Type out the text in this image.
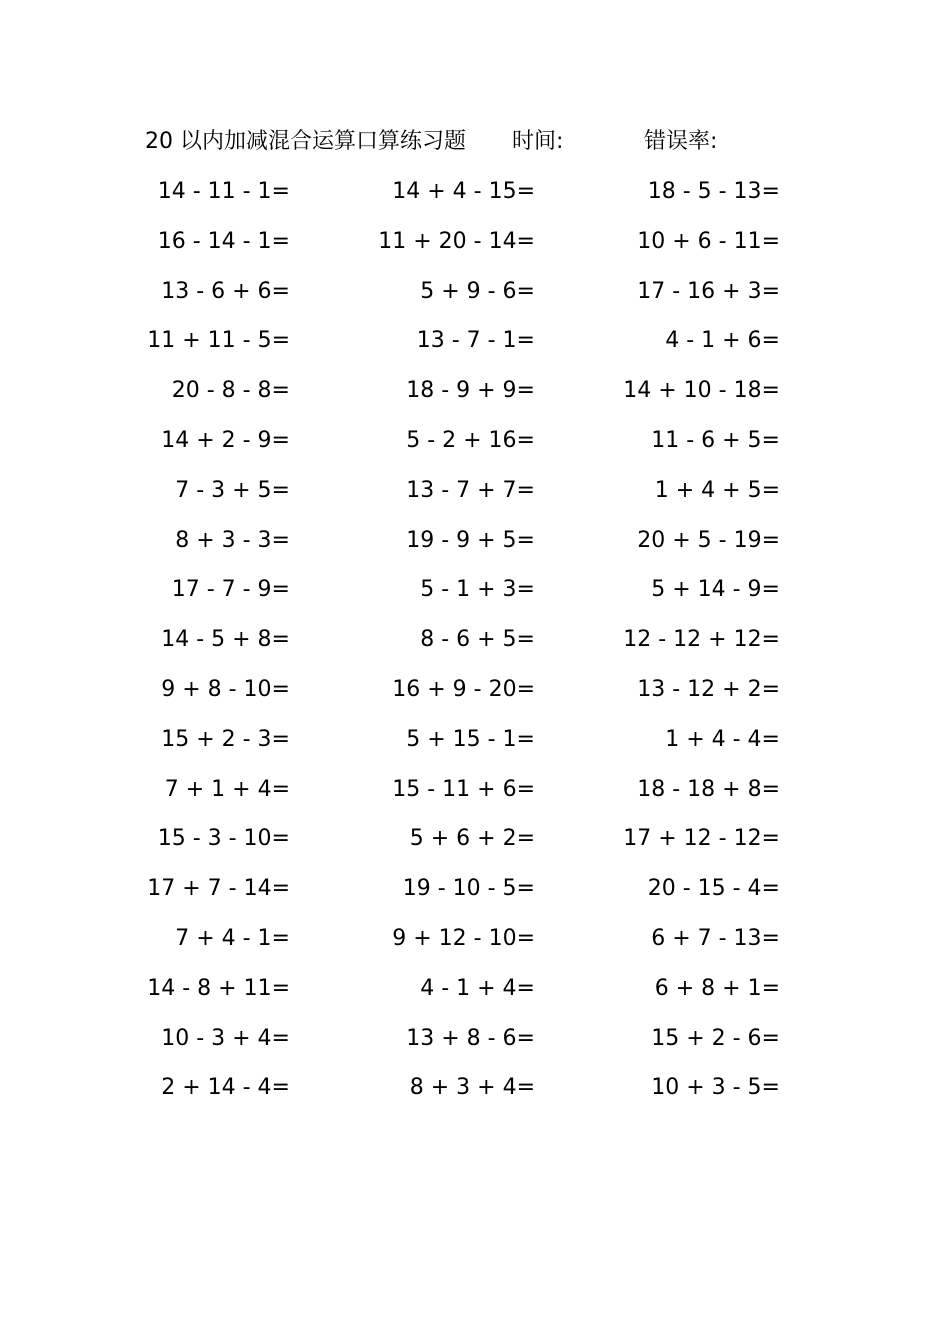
20 以内加减混合运算口算练习题 时间:	错误率:
14 - 11 - 1=	14 + 4 - 15=	18 - 5 - 13=
16 - 14 - 1=	11 + 20 - 14=	10 + 6 - 11=
13 - 6 + 6=	5 + 9 - 6=	17 - 16 + 3=
11 + 11 - 5=	13 - 7 - 1=	4 - 1 + 6=
20 - 8 - 8=	18 - 9 + 9=	14 + 10 - 18=
14 + 2 - 9=	5 - 2 + 16=	11 - 6 + 5=
7 - 3 + 5=	13 - 7 + 7=	1 + 4 + 5=
8 + 3 - 3=	19 - 9 + 5=	20 + 5 - 19=
17 - 7 - 9=	5 - 1 + 3=	5 + 14 - 9=
14 - 5 + 8=	8 - 6 + 5=	12 - 12 + 12=
9 + 8 - 10=	16 + 9 - 20=	13 - 12 + 2=
15 + 2 - 3=	5 + 15 - 1=	1 + 4 - 4=
7 + 1 + 4=	15 - 11 + 6=	18 - 18 + 8=
15 - 3 - 10=	5 + 6 + 2=	17 + 12 - 12=
17 + 7 - 14=	19 - 10 - 5=	20 - 15 - 4=
7 + 4 - 1=	9 + 12 - 10=	6 + 7 - 13=
14 - 8 + 11=	4 - 1 + 4=	6 + 8 + 1=
10 - 3 + 4=	13 + 8 - 6=	15 + 2 - 6=
2 + 14 - 4=	8 + 3 + 4=	10 + 3 - 5=
